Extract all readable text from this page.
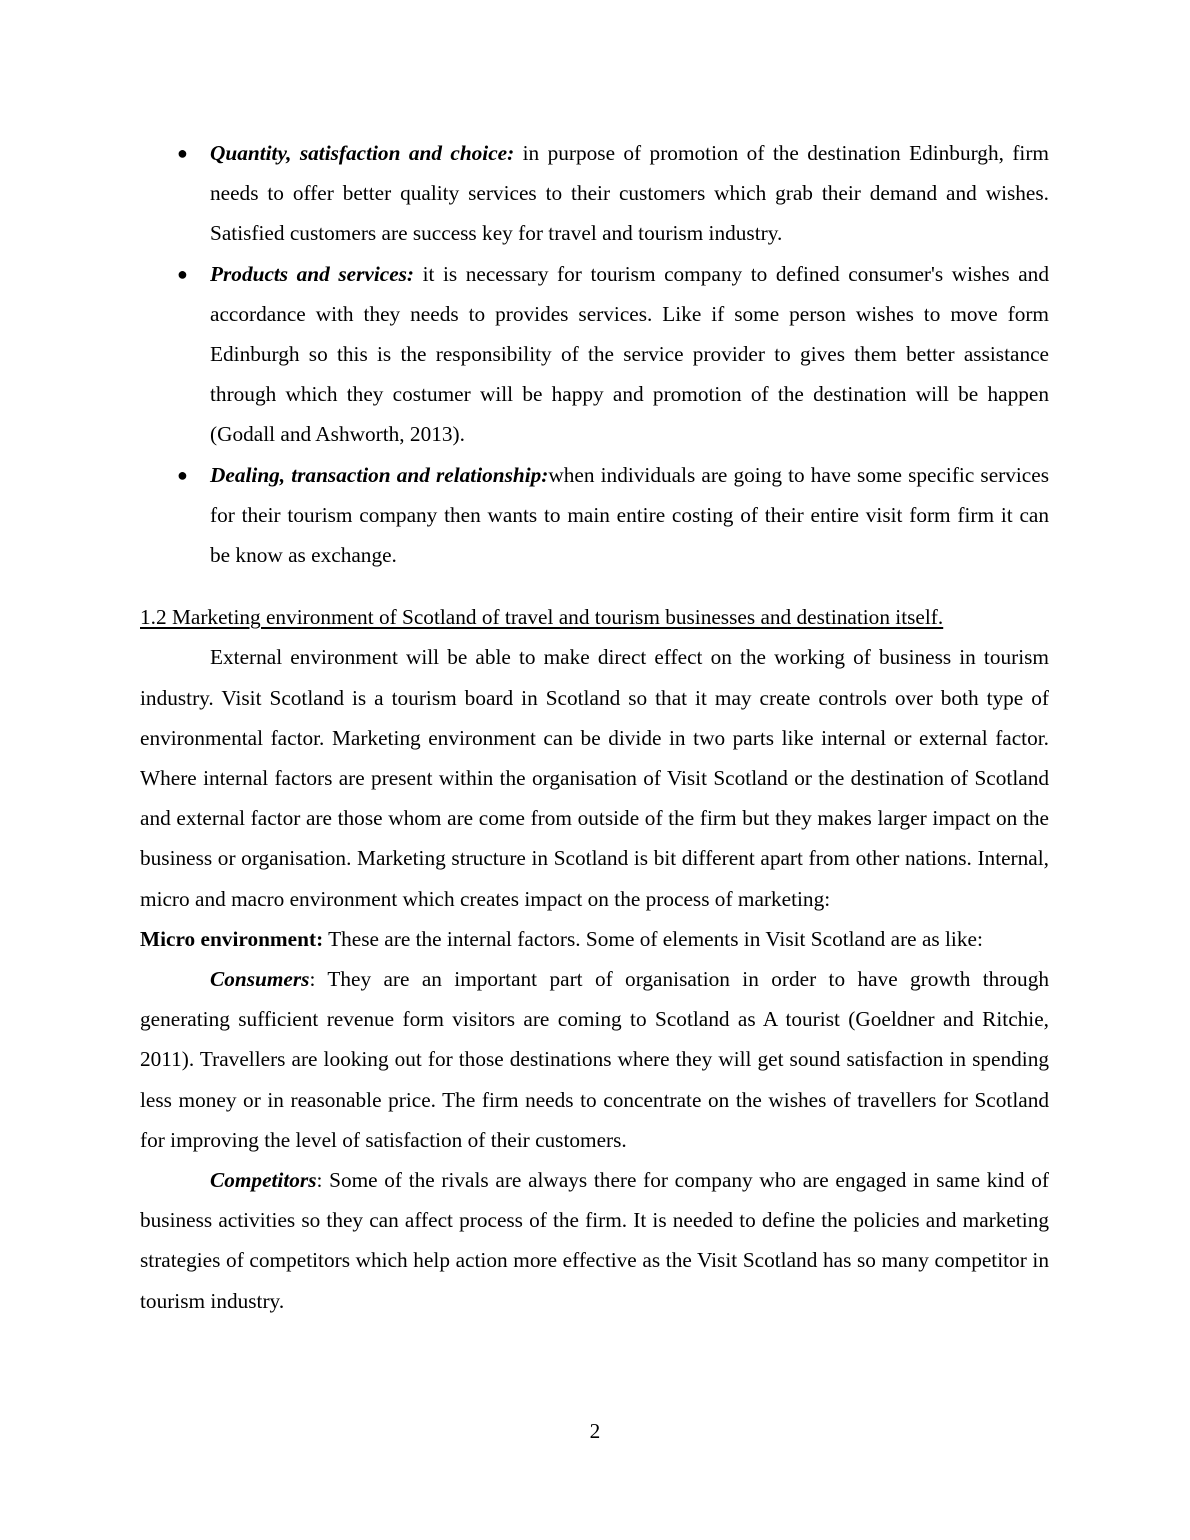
● Quantity, satisfaction and choice: in purpose of promotion of the destination Edinburgh, firm needs to offer better quality services to their customers which grab their demand and wishes. Satisfied customers are success key for travel and tourism industry.
● Products and services: it is necessary for tourism company to defined consumer's wishes and accordance with they needs to provides services. Like if some person wishes to move form Edinburgh so this is the responsibility of the service provider to gives them better assistance through which they costumer will be happy and promotion of the destination will be happen (Godall and Ashworth, 2013).
● Dealing, transaction and relationship:when individuals are going to have some specific services for their tourism company then wants to main entire costing of their entire visit form firm it can be know as exchange.

1.2 Marketing environment of Scotland of travel and tourism businesses and destination itself.

External environment will be able to make direct effect on the working of business in tourism industry. Visit Scotland is a tourism board in Scotland so that it may create controls over both type of environmental factor. Marketing environment can be divide in two parts like internal or external factor. Where internal factors are present within the organisation of Visit Scotland or the destination of Scotland and external factor are those whom are come from outside of the firm but they makes larger impact on the business or organisation. Marketing structure in Scotland is bit different apart from other nations. Internal, micro and macro environment which creates impact on the process of marketing:

Micro environment: These are the internal factors. Some of elements in Visit Scotland are as like:

Consumers: They are an important part of organisation in order to have growth through generating sufficient revenue form visitors are coming to Scotland as A tourist (Goeldner and Ritchie, 2011). Travellers are looking out for those destinations where they will get sound satisfaction in spending less money or in reasonable price. The firm needs to concentrate on the wishes of travellers for Scotland for improving the level of satisfaction of their customers.

Competitors: Some of the rivals are always there for company who are engaged in same kind of business activities so they can affect process of the firm. It is needed to define the policies and marketing strategies of competitors which help action more effective as the Visit Scotland has so many competitor in tourism industry.

2
